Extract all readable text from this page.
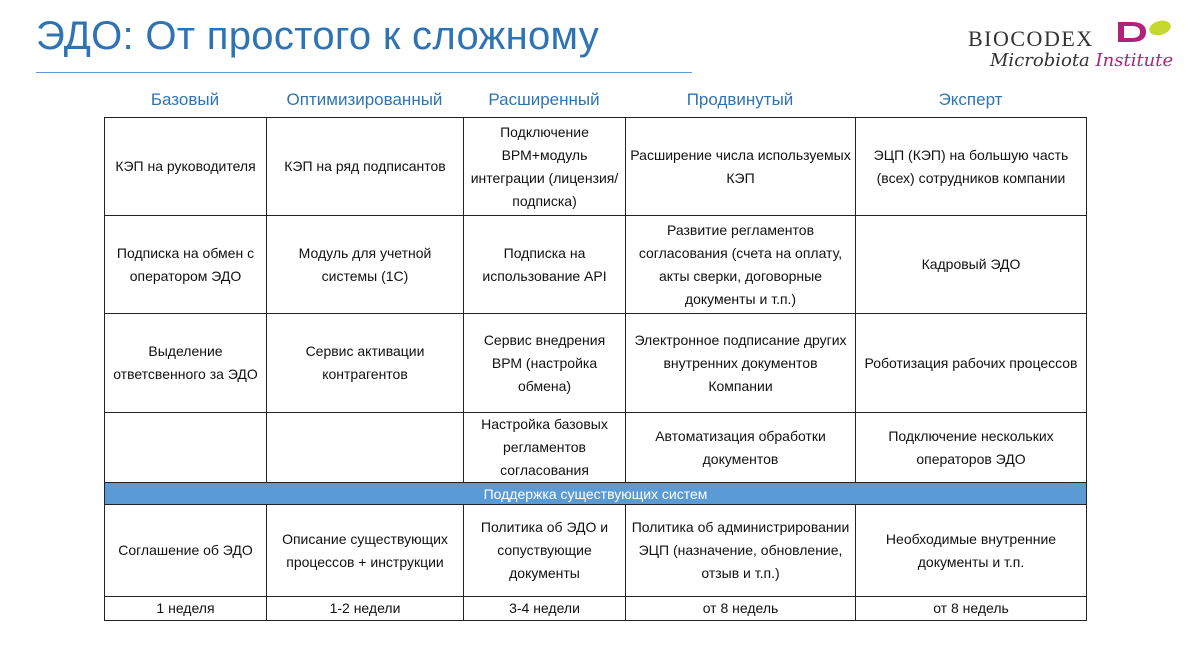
ЭДО: От простого к сложному	BIOCODEX
Microbiota Institute
Базовый	Оптимизированный	Расширенный	Продвинутый	Эксперт
КЭП на руководителя	КЭП на ряд подписантов	Подключение ВРМ+модуль интеграции (лицензия/подписка)	Расширение числа используемых КЭП	ЭЦП (КЭП) на большую часть (всех) сотрудников компании
Подписка на обмен с оператором ЭДО	Модуль для учетной системы (1С)	Подписка на использование API	Развитие регламентов согласования (счета на оплату, акты сверки, договорные документы и т.п.)	Кадровый ЭДО
Выделение ответсвенного за ЭДО	Сервис активации контрагентов	Сервис внедрения ВРМ (настройка обмена)	Электронное подписание других внутренних документов Компании	Роботизация рабочих процессов
		Настройка базовых регламентов согласования	Автоматизация обработки документов	Подключение нескольких операторов ЭДО
Поддержка существующих систем				
Соглашение об ЭДО	Описание существующих процессов + инструкции	Политика об ЭДО и сопуствующие документы	Политика об администрировании ЭЦП (назначение, обновление, отзыв и т.п.)	Необходимые внутренние документы и т.п.
1 неделя	1-2 недели	3-4 недели	от 8 недель	от 8 недель
